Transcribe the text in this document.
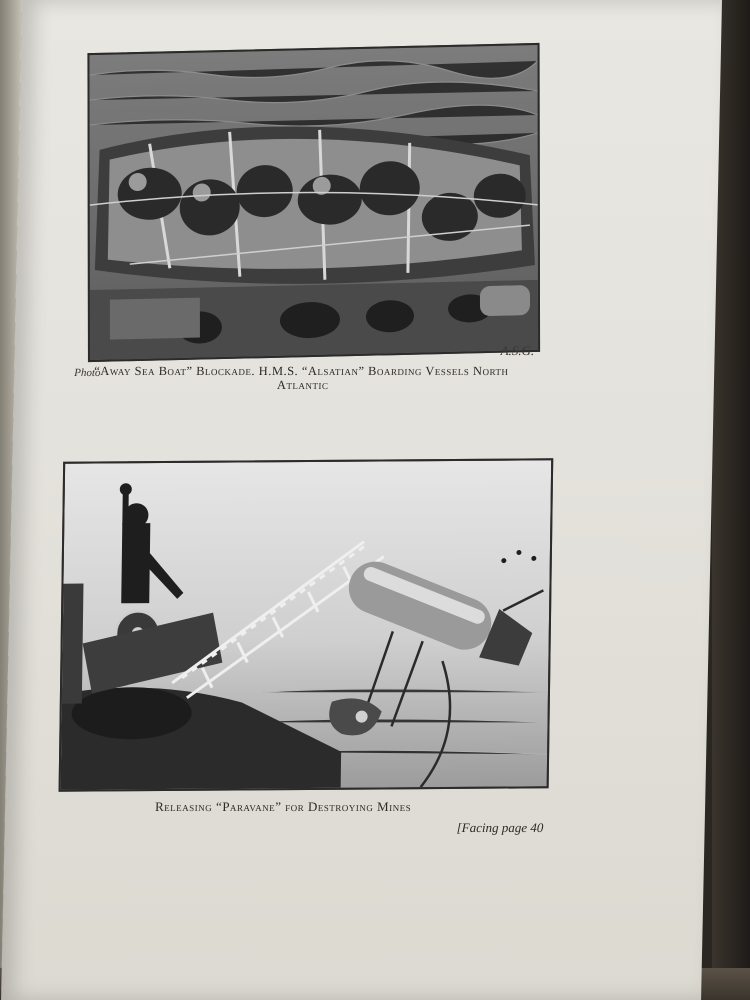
A.S.G.
Photo
“Away Sea Boat” Blockade. H.M.S. “Alsatian” Boarding Vessels North
Atlantic
Releasing “Paravane” for Destroying Mines
[Facing page 40
